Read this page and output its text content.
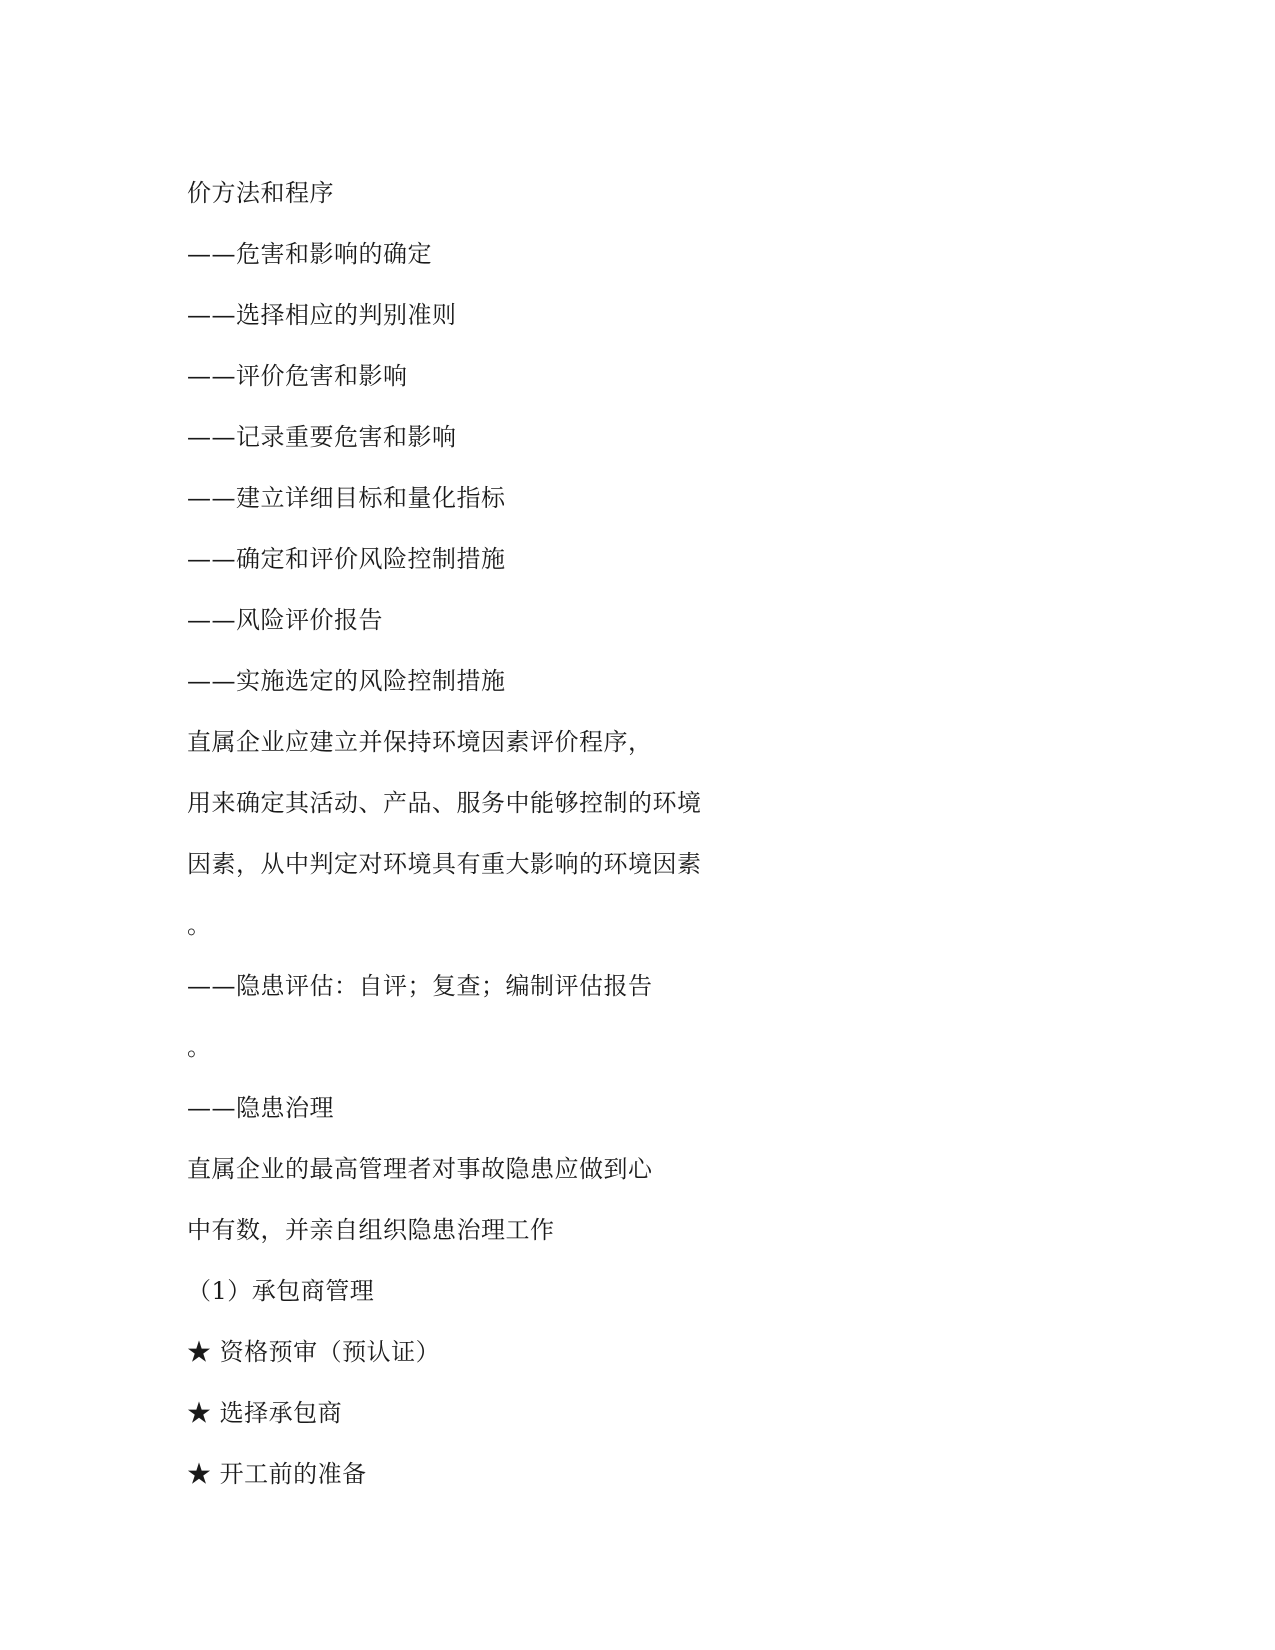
价方法和程序
——危害和影响的确定
——选择相应的判别准则
——评价危害和影响
——记录重要危害和影响
——建立详细目标和量化指标
——确定和评价风险控制措施
——风险评价报告
——实施选定的风险控制措施
直属企业应建立并保持环境因素评价程序，
用来确定其活动、产品、服务中能够控制的环境
因素，从中判定对环境具有重大影响的环境因素
。
——隐患评估：自评；复查；编制评估报告
。
——隐患治理
直属企业的最高管理者对事故隐患应做到心
中有数，并亲自组织隐患治理工作
（1）承包商管理
★ 资格预审（预认证）
★ 选择承包商
★ 开工前的准备
